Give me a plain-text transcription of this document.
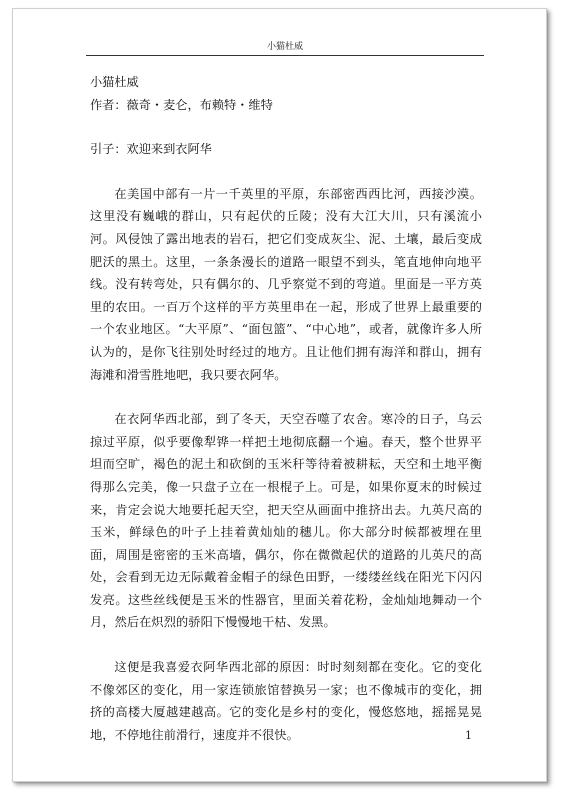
小猫杜威

小猫杜威

作者：薇奇・麦仑，布赖特・维特

引子：欢迎来到衣阿华

在美国中部有一片一千英里的平原，东部密西西比河，西接沙漠。这里没有巍峨的群山，只有起伏的丘陵；没有大江大川，只有溪流小河。风侵蚀了露出地表的岩石，把它们变成灰尘、泥、土壤，最后变成肥沃的黑土。这里，一条条漫长的道路一眼望不到头，笔直地伸向地平线。没有转弯处，只有偶尔的、几乎察觉不到的弯道。里面是一平方英里的农田。一百万个这样的平方英里串在一起，形成了世界上最重要的一个农业地区。“大平原”、“面包篮”、“中心地”，或者，就像许多人所认为的，是你飞往别处时经过的地方。且让他们拥有海洋和群山，拥有海滩和滑雪胜地吧，我只要衣阿华。

在衣阿华西北部，到了冬天，天空吞噬了农舍。寒冷的日子，乌云掠过平原，似乎要像犁铧一样把土地彻底翻一个遍。春天，整个世界平坦而空旷，褐色的泥土和砍倒的玉米秆等待着被耕耘，天空和土地平衡得那么完美，像一只盘子立在一根棍子上。可是，如果你夏末的时候过来，肯定会说大地要托起天空，把天空从画面中推挤出去。九英尺高的玉米，鲜绿色的叶子上挂着黄灿灿的穗儿。你大部分时候都被埋在里面，周围是密密的玉米高墙，偶尔，你在微微起伏的道路的儿英尺的高处，会看到无边无际戴着金帽子的绿色田野，一缕缕丝线在阳光下闪闪发亮。这些丝线便是玉米的性器官，里面关着花粉，金灿灿地舞动一个月，然后在炽烈的骄阳下慢慢地干枯、发黑。

这便是我喜爱衣阿华西北部的原因：时时刻刻都在变化。它的变化不像郊区的变化，用一家连锁旅馆替换另一家；也不像城市的变化，拥挤的高楼大厦越建越高。它的变化是乡村的变化，慢悠悠地，摇摇晃晃地，不停地往前滑行，速度并不很快。	1
